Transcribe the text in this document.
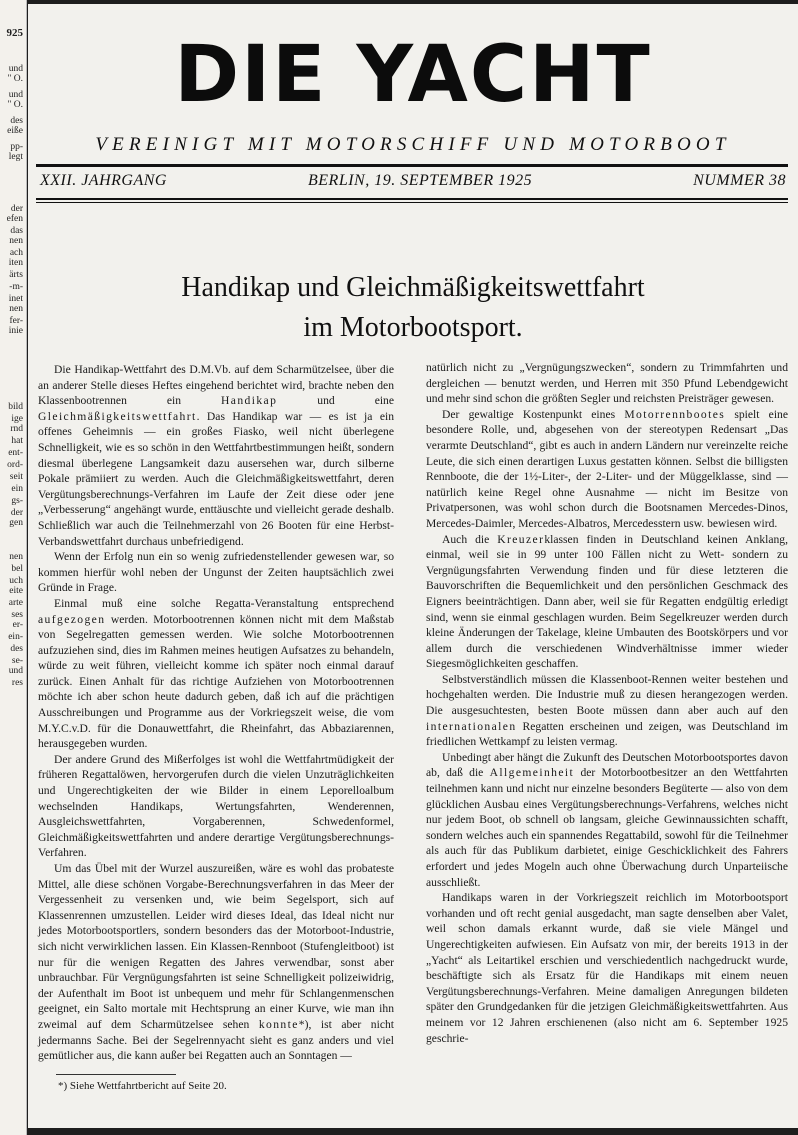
925
und
" O.
und
" O.
des
eiße
pp-
legt
der
efen
das
nen
ach
iten
ärts
-m-
inet
nen
fer-
inie
bild
ige
rnd
hat
ent-
ord-
seit
ein
gs-
der
gen
nen
bel
uch
eite
arte
ses
er-
ein-
des
se-
und
res
DIE YACHT
VEREINIGT MIT MOTORSCHIFF UND MOTORBOOT
XXII. JAHRGANG	BERLIN, 19. SEPTEMBER 1925	NUMMER 38
Handikap und Gleichmäßigkeitswettfahrt
im Motorbootsport.

Die Handikap-Wettfahrt des D.M.Vb. auf dem Scharmützelsee, über die an anderer Stelle dieses Heftes eingehend berichtet wird, brachte neben den Klassenbootrennen ein Handikap und eine Gleichmäßigkeitswettfahrt. Das Handikap war — es ist ja ein offenes Geheimnis — ein großes Fiasko, weil nicht überlegene Schnelligkeit, wie es so schön in den Wettfahrtbestimmungen heißt, sondern diesmal überlegene Langsamkeit dazu ausersehen war, durch silberne Pokale prämiiert zu werden. Auch die Gleichmäßigkeitswettfahrt, deren Vergütungsberechnungs-Verfahren im Laufe der Zeit diese oder jene „Verbesserung“ angehängt wurde, enttäuschte und vielleicht gerade deshalb. Schließlich war auch die Teilnehmerzahl von 26 Booten für eine Herbst-Verbandswettfahrt durchaus unbefriedigend.

Wenn der Erfolg nun ein so wenig zufriedenstellender gewesen war, so kommen hierfür wohl neben der Ungunst der Zeiten hauptsächlich zwei Gründe in Frage.

Einmal muß eine solche Regatta-Veranstaltung entsprechend aufgezogen werden. Motorbootrennen können nicht mit dem Maßstab von Segelregatten gemessen werden. Wie solche Motorbootrennen aufzuziehen sind, dies im Rahmen meines heutigen Aufsatzes zu behandeln, würde zu weit führen, vielleicht komme ich später noch einmal darauf zurück. Einen Anhalt für das richtige Aufziehen von Motorbootrennen möchte ich aber schon heute dadurch geben, daß ich auf die prächtigen Ausschreibungen und Programme aus der Vorkriegszeit weise, die vom M.Y.C.v.D. für die Donauwettfahrt, die Rheinfahrt, das Abbaziarennen, herausgegeben wurden.

Der andere Grund des Mißerfolges ist wohl die Wettfahrtmüdigkeit der früheren Regattalöwen, hervorgerufen durch die vielen Unzuträglichkeiten und Ungerechtigkeiten der wie Bilder in einem Leporelloalbum wechselnden Handikaps, Wertungsfahrten, Wenderennen, Ausgleichswettfahrten, Vorgaberennen, Schwedenformel, Gleichmäßigkeitswettfahrten und andere derartige Vergütungsberechnungs-Verfahren.

Um das Übel mit der Wurzel auszureißen, wäre es wohl das probateste Mittel, alle diese schönen Vorgabe-Berechnungsverfahren in das Meer der Vergessenheit zu versenken und, wie beim Segelsport, sich auf Klassenrennen umzustellen. Leider wird dieses Ideal, das Ideal nicht nur jedes Motorbootsportlers, sondern besonders das der Motorboot-Industrie, sich nicht verwirklichen lassen. Ein Klassen-Rennboot (Stufengleitboot) ist nur für die wenigen Regatten des Jahres verwendbar, sonst aber unbrauchbar. Für Vergnügungsfahrten ist seine Schnelligkeit polizeiwidrig, der Aufenthalt im Boot ist unbequem und mehr für Schlangenmenschen geeignet, ein Salto mortale mit Hechtsprung an einer Kurve, wie man ihn zweimal auf dem Scharmützelsee sehen konnte*), ist aber nicht jedermanns Sache. Bei der Segelrennyacht sieht es ganz anders und viel gemütlicher aus, die kann außer bei Regatten auch an Sonntagen —

natürlich nicht zu „Vergnügungszwecken“, sondern zu Trimmfahrten und dergleichen — benutzt werden, und Herren mit 350 Pfund Lebendgewicht und mehr sind schon die größten Segler und reichsten Preisträger gewesen.

Der gewaltige Kostenpunkt eines Motorrennbootes spielt eine besondere Rolle, und, abgesehen von der stereotypen Redensart „Das verarmte Deutschland“, gibt es auch in andern Ländern nur vereinzelte reiche Leute, die sich einen derartigen Luxus gestatten können. Selbst die billigsten Rennboote, die der 1½-Liter-, der 2-Liter- und der Müggelklasse, sind — natürlich keine Regel ohne Ausnahme — nicht im Besitze von Privatpersonen, was wohl schon durch die Bootsnamen Mercedes-Dinos, Mercedes-Daimler, Mercedes-Albatros, Mercedesstern usw. bewiesen wird.

Auch die Kreuzerklassen finden in Deutschland keinen Anklang, einmal, weil sie in 99 unter 100 Fällen nicht zu Wett- sondern zu Vergnügungsfahrten Verwendung finden und für diese letzteren die Bauvorschriften die Bequemlichkeit und den persönlichen Geschmack des Eigners beeinträchtigen. Dann aber, weil sie für Regatten endgültig erledigt sind, wenn sie einmal geschlagen wurden. Beim Segelkreuzer werden durch kleine Änderungen der Takelage, kleine Umbauten des Bootskörpers und vor allem durch die verschiedenen Windverhältnisse immer wieder Siegesmöglichkeiten geschaffen.

Selbstverständlich müssen die Klassenboot-Rennen weiter bestehen und hochgehalten werden. Die Industrie muß zu diesen herangezogen werden. Die ausgesuchtesten, besten Boote müssen dann aber auch auf den internationalen Regatten erscheinen und zeigen, was Deutschland im friedlichen Wettkampf zu leisten vermag.

Unbedingt aber hängt die Zukunft des Deutschen Motorbootsportes davon ab, daß die Allgemeinheit der Motorbootbesitzer an den Wettfahrten teilnehmen kann und nicht nur einzelne besonders Begüterte — also von dem glücklichen Ausbau eines Vergütungsberechnungs-Verfahrens, welches nicht nur jedem Boot, ob schnell ob langsam, gleiche Gewinnaussichten schafft, sondern welches auch ein spannendes Regattabild, sowohl für die Teilnehmer als auch für das Publikum darbietet, einige Geschicklichkeit des Fahrers erfordert und jedes Mogeln auch ohne Überwachung durch Unparteiische ausschließt.

Handikaps waren in der Vorkriegszeit reichlich im Motorbootsport vorhanden und oft recht genial ausgedacht, man sagte denselben aber Valet, weil schon damals erkannt wurde, daß sie viele Mängel und Ungerechtigkeiten aufwiesen. Ein Aufsatz von mir, der bereits 1913 in der „Yacht“ als Leitartikel erschien und verschiedentlich nachgedruckt wurde, beschäftigte sich als Ersatz für die Handikaps mit einem neuen Vergütungsberechnungs-Verfahren. Meine damaligen Anregungen bildeten später den Grundgedanken für die jetzigen Gleichmäßigkeitswettfahrten. Aus meinem vor 12 Jahren erschienenen (also nicht am 6. September 1925 geschrie-

*) Siehe Wettfahrtbericht auf Seite 20.
